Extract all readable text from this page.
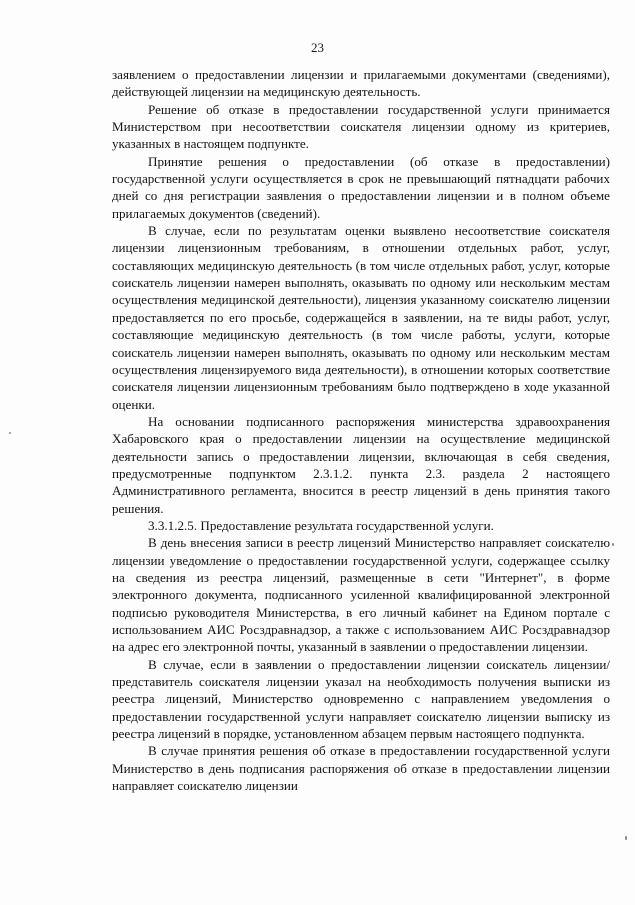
23

заявлением о предоставлении лицензии и прилагаемыми документами (сведениями), действующей лицензии на медицинскую деятельность.

Решение об отказе в предоставлении государственной услуги принимается Министерством при несоответствии соискателя лицензии одному из критериев, указанных в настоящем подпункте.

Принятие решения о предоставлении (об отказе в предоставлении) государственной услуги осуществляется в срок не превышающий пятнадцати рабочих дней со дня регистрации заявления о предоставлении лицензии и в полном объеме прилагаемых документов (сведений).

В случае, если по результатам оценки выявлено несоответствие соискателя лицензии лицензионным требованиям, в отношении отдельных работ, услуг, составляющих медицинскую деятельность (в том числе отдельных работ, услуг, которые соискатель лицензии намерен выполнять, оказывать по одному или нескольким местам осуществления медицинской деятельности), лицензия указанному соискателю лицензии предоставляется по его просьбе, содержащейся в заявлении, на те виды работ, услуг, составляющие медицинскую деятельность (в том числе работы, услуги, которые соискатель лицензии намерен выполнять, оказывать по одному или нескольким местам осуществления лицензируемого вида деятельности), в отношении которых соответствие соискателя лицензии лицензионным требованиям было подтверждено в ходе указанной оценки.

На основании подписанного распоряжения министерства здравоохранения Хабаровского края о предоставлении лицензии на осуществление медицинской деятельности запись о предоставлении лицензии, включающая в себя сведения, предусмотренные подпунктом 2.3.1.2. пункта 2.3. раздела 2 настоящего Административного регламента, вносится в реестр лицензий в день принятия такого решения.

3.3.1.2.5. Предоставление результата государственной услуги.

В день внесения записи в реестр лицензий Министерство направляет соискателю лицензии уведомление о предоставлении государственной услуги, содержащее ссылку на сведения из реестра лицензий, размещенные в сети "Интернет", в форме электронного документа, подписанного усиленной квалифицированной электронной подписью руководителя Министерства, в его личный кабинет на Едином портале с использованием АИС Росздравнадзор, а также с использованием АИС Росздравнадзор на адрес его электронной почты, указанный в заявлении о предоставлении лицензии.

В случае, если в заявлении о предоставлении лицензии соискатель лицензии/представитель соискателя лицензии указал на необходимость получения выписки из реестра лицензий, Министерство одновременно с направлением уведомления о предоставлении государственной услуги направляет соискателю лицензии выписку из реестра лицензий в порядке, установленном абзацем первым настоящего подпункта.

В случае принятия решения об отказе в предоставлении государственной услуги Министерство в день подписания распоряжения об отказе в предоставлении лицензии направляет соискателю лицензии
